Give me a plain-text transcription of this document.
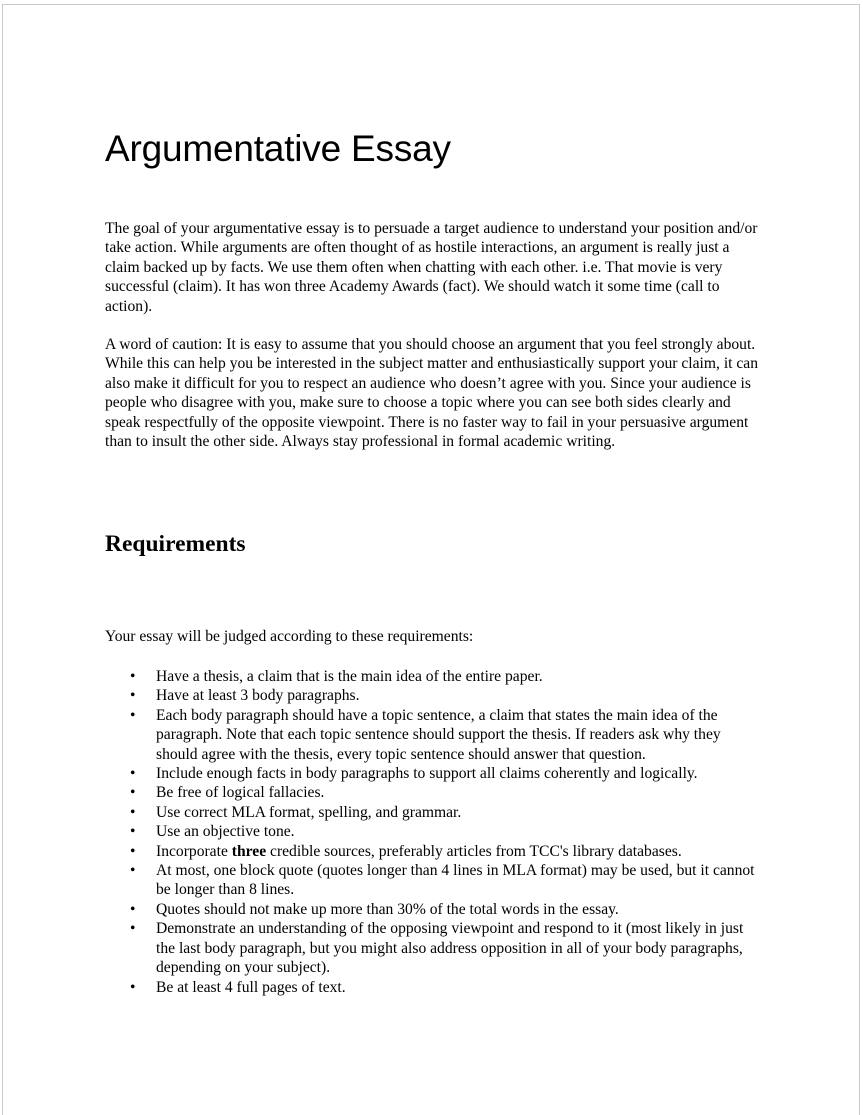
Argumentative Essay

The goal of your argumentative essay is to persuade a target audience to understand your position and/or take action. While arguments are often thought of as hostile interactions, an argument is really just a claim backed up by facts. We use them often when chatting with each other. i.e. That movie is very successful (claim). It has won three Academy Awards (fact). We should watch it some time (call to action).

A word of caution: It is easy to assume that you should choose an argument that you feel strongly about. While this can help you be interested in the subject matter and enthusiastically support your claim, it can also make it difficult for you to respect an audience who doesn’t agree with you. Since your audience is people who disagree with you, make sure to choose a topic where you can see both sides clearly and speak respectfully of the opposite viewpoint. There is no faster way to fail in your persuasive argument than to insult the other side. Always stay professional in formal academic writing.

Requirements

Your essay will be judged according to these requirements:

• Have a thesis, a claim that is the main idea of the entire paper.
• Have at least 3 body paragraphs.
• Each body paragraph should have a topic sentence, a claim that states the main idea of the paragraph. Note that each topic sentence should support the thesis. If readers ask why they should agree with the thesis, every topic sentence should answer that question.
• Include enough facts in body paragraphs to support all claims coherently and logically.
• Be free of logical fallacies.
• Use correct MLA format, spelling, and grammar.
• Use an objective tone.
• Incorporate three credible sources, preferably articles from TCC's library databases.
• At most, one block quote (quotes longer than 4 lines in MLA format) may be used, but it cannot be longer than 8 lines.
• Quotes should not make up more than 30% of the total words in the essay.
• Demonstrate an understanding of the opposing viewpoint and respond to it (most likely in just the last body paragraph, but you might also address opposition in all of your body paragraphs, depending on your subject).
• Be at least 4 full pages of text.
